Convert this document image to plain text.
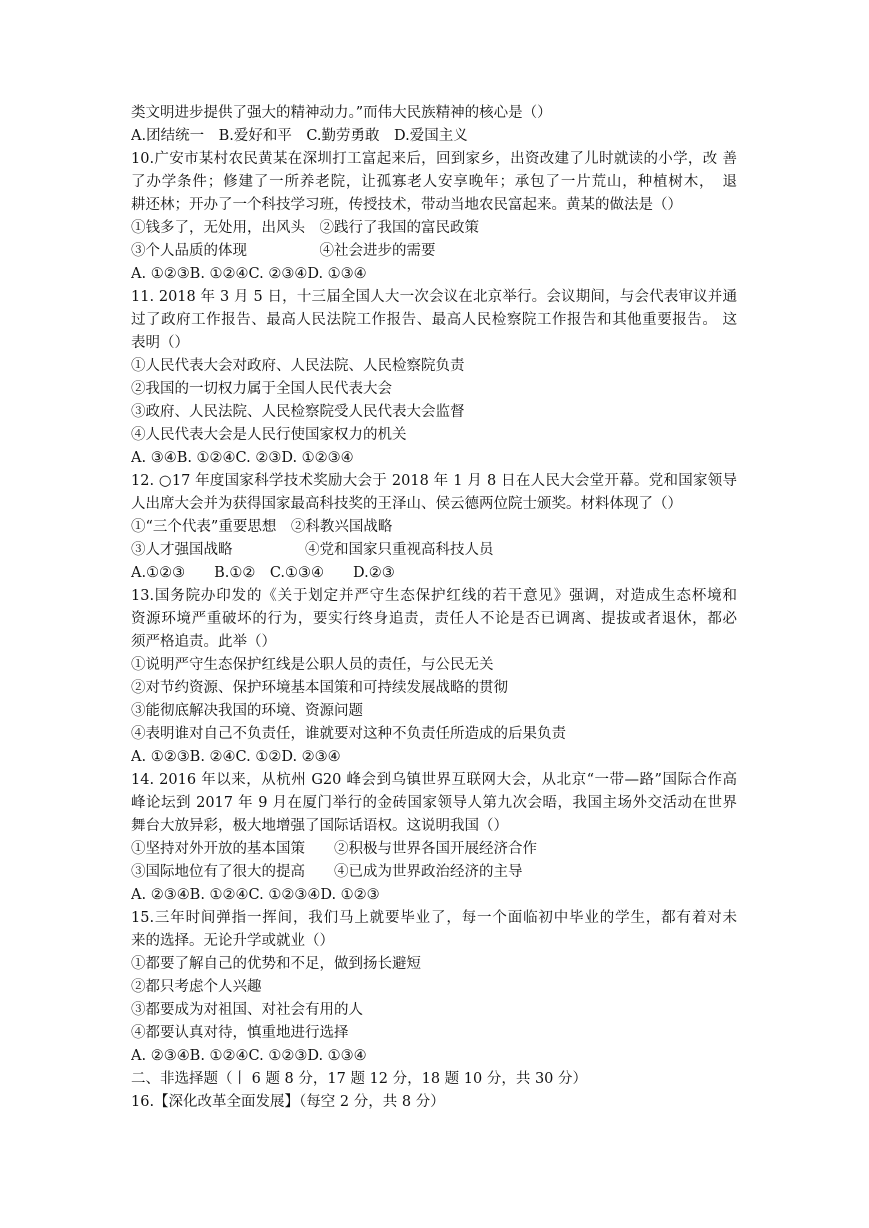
类文明进步提供了强大的精神动力。”而伟大民族精神的核心是（）
A.团结统一　B.爱好和平　C.勤劳勇敢　D.爱国主义
10.广安市某村农民黄某在深圳打工富起来后，回到家乡，出资改建了儿时就读的小学，改 善
了办学条件；修建了一所养老院，让孤寡老人安享晚年；承包了一片荒山，种植树木，　退
耕还林；开办了一个科技学习班，传授技术，带动当地农民富起来。黄某的做法是（）
①钱多了，无处用，出风头　②践行了我国的富民政策
③个人品质的体现　　　　　④社会进步的需要
A. ①②③B. ①②④C. ②③④D. ①③④
11. 2018 年 3 月 5 日，十三届全国人大一次会议在北京举行。会议期间，与会代表审议并通
过了政府工作报告、最高人民法院工作报告、最高人民检察院工作报告和其他重要报告。 这
表明（）
①人民代表大会对政府、人民法院、人民检察院负责
②我国的一切权力属于全国人民代表大会
③政府、人民法院、人民检察院受人民代表大会监督
④人民代表大会是人民行使国家权力的机关
A. ③④B. ①②④C. ②③D. ①②③④
12. ○17 年度国家科学技术奖励大会于 2018 年 1 月 8 日在人民大会堂开幕。党和国家领导
人出席大会并为获得国家最高科技奖的王泽山、侯云德两位院士颁奖。材料体现了（）
①“三个代表”重要思想　②科教兴国战略
③人才强国战略　　　　　④党和国家只重视高科技人员
A.①②③　　B.①②　C.①③④　　D.②③
13.国务院办印发的《关于划定并严守生态保护红线的若干意见》强调，对造成生态杯境和
资源环境严重破坏的行为，要实行终身追责，责任人不论是否已调离、提拔或者退休，都必
须严格追责。此举（）
①说明严守生态保护红线是公职人员的责任，与公民无关
②对节约资源、保护环境基本国策和可持续发展战略的贯彻
③能彻底解决我国的环境、资源问题
④表明谁对自己不负责任，谁就要对这种不负责任所造成的后果负责
A. ①②③B. ②④C. ①②D. ②③④
14. 2016 年以来，从杭州 G20 峰会到乌镇世界互联网大会，从北京“一带—路”国际合作高
峰论坛到 2017 年 9 月在厦门举行的金砖国家领导人第九次会晤，我国主场外交活动在世界
舞台大放异彩，极大地增强了国际话语权。这说明我国（）
①坚持对外开放的基本国策　　②积极与世界各国开展经济合作
③国际地位有了很大的提高　　④已成为世界政治经济的主导
A. ②③④B. ①②④C. ①②③④D. ①②③
15.三年时间弹指一挥间，我们马上就要毕业了，每一个面临初中毕业的学生，都有着对未
来的选择。无论升学或就业（）
①都要了解自己的优势和不足，做到扬长避短
②都只考虑个人兴趣
③都要成为对祖国、对社会有用的人
④都要认真对待，慎重地进行选择
A. ②③④B. ①②④C. ①②③D. ①③④
二、非选择题（丨 6 题 8 分，17 题 12 分，18 题 10 分，共 30 分）
16.【深化改革全面发展】（每空 2 分，共 8 分）
